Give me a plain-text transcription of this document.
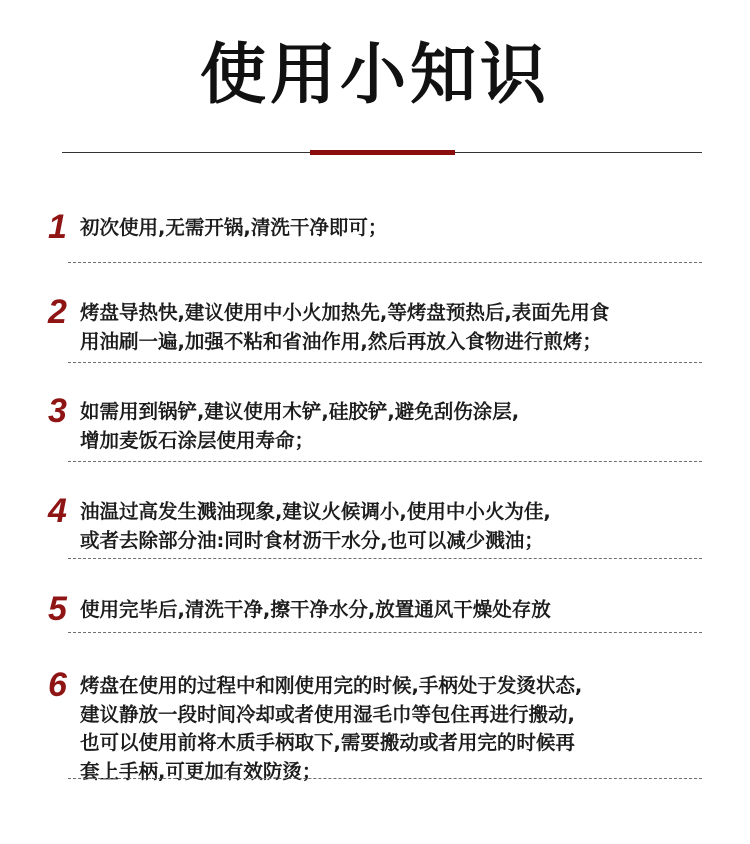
使用小知识
1 初次使用,无需开锅,清洗干净即可；
2 烤盘导热快,建议使用中小火加热先,等烤盘预热后,表面先用食
用油刷一遍,加强不粘和省油作用,然后再放入食物进行煎烤；
3 如需用到锅铲,建议使用木铲,硅胶铲,避免刮伤涂层,
增加麦饭石涂层使用寿命；
4 油温过高发生溅油现象,建议火候调小,使用中小火为佳,
或者去除部分油:同时食材沥干水分,也可以减少溅油；
5 使用完毕后,清洗干净,擦干净水分,放置通风干燥处存放
6 烤盘在使用的过程中和刚使用完的时候,手柄处于发烫状态,
建议静放一段时间冷却或者使用湿毛巾等包住再进行搬动,
也可以使用前将木质手柄取下,需要搬动或者用完的时候再
套上手柄,可更加有效防烫；
